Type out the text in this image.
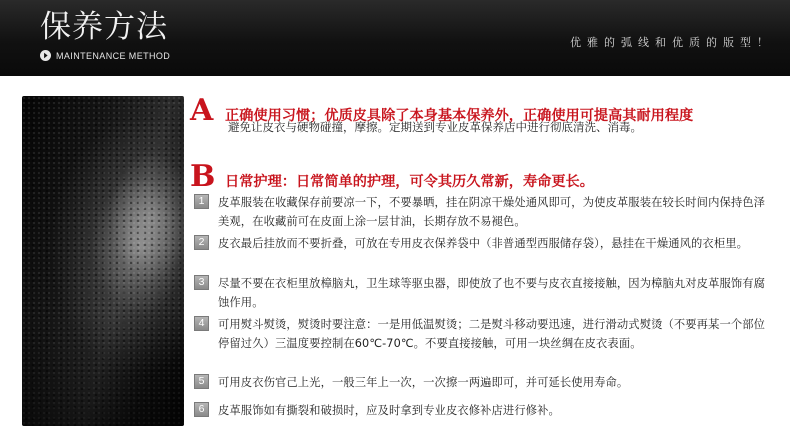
保养方法
MAINTENANCE METHOD
优雅的弧线和优质的版型！
A 正确使用习惯；优质皮具除了本身基本保养外，正确使用可提高其耐用程度
避免让皮衣与硬物碰撞，摩擦。定期送到专业皮革保养店中进行彻底清洗、消毒。
B 日常护理：日常简单的护理，可令其历久常新，寿命更长。
1	皮革服装在收藏保存前要凉一下，不要暴晒，挂在阴凉干燥处通风即可，为使皮革服装在较长时间内保持色泽美观，在收藏前可在皮面上涂一层甘油，长期存放不易褪色。
2	皮衣最后挂放而不要折叠，可放在专用皮衣保养袋中（非普通型西服储存袋），悬挂在干燥通风的衣柜里。
3	尽量不要在衣柜里放樟脑丸，卫生球等驱虫器，即使放了也不要与皮衣直接接触，因为樟脑丸对皮革服饰有腐蚀作用。
4	可用熨斗熨烫，熨烫时要注意：一是用低温熨烫；二是熨斗移动要迅速，进行滑动式熨烫（不要再某一个部位停留过久）三温度要控制在60℃-70℃。不要直接接触，可用一块丝绸在皮衣表面。
5	可用皮衣伤官己上光，一般三年上一次，一次擦一两遍即可，并可延长使用寿命。
6	皮革服饰如有撕裂和破损时，应及时拿到专业皮衣修补店进行修补。
